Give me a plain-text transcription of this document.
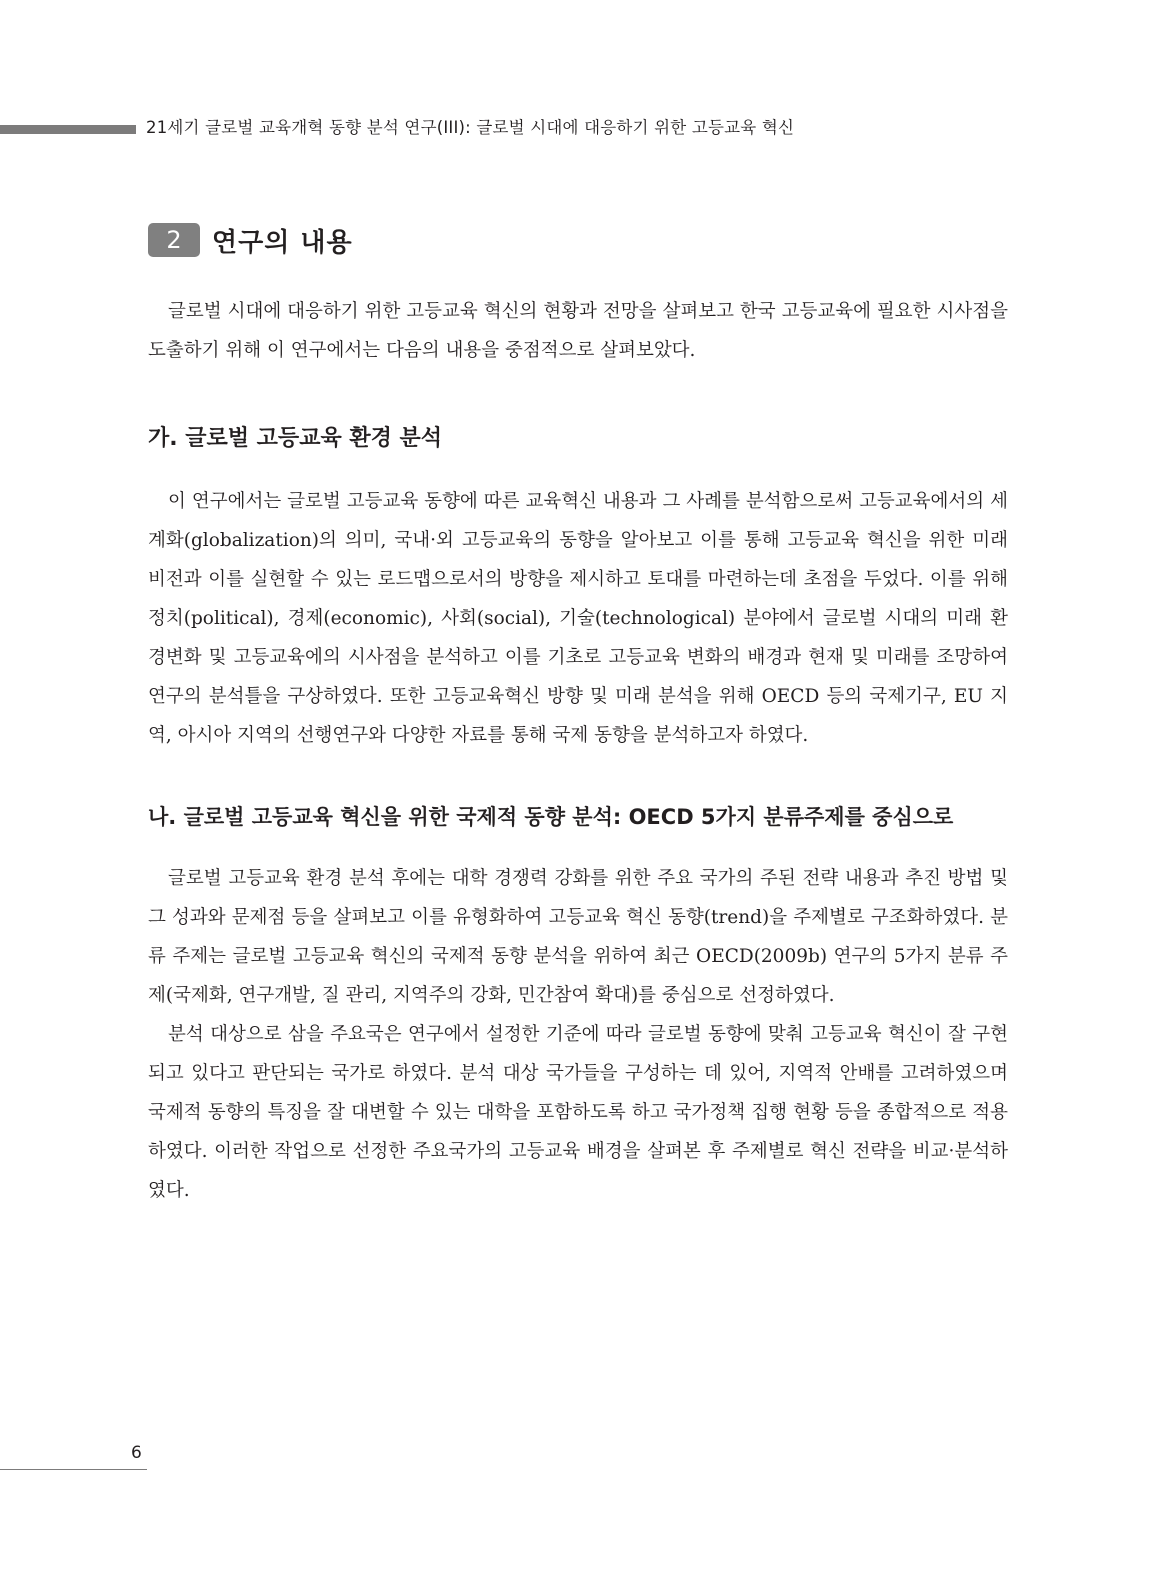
21세기 글로벌 교육개혁 동향 분석 연구(III): 글로벌 시대에 대응하기 위한 고등교육 혁신
2	연구의 내용

글로벌 시대에 대응하기 위한 고등교육 혁신의 현황과 전망을 살펴보고 한국 고등교육에 필요한 시사점을 도출하기 위해 이 연구에서는 다음의 내용을 중점적으로 살펴보았다.

가. 글로벌 고등교육 환경 분석

이 연구에서는 글로벌 고등교육 동향에 따른 교육혁신 내용과 그 사례를 분석함으로써 고등교육에서의 세계화(globalization)의 의미, 국내·외 고등교육의 동향을 알아보고 이를 통해 고등교육 혁신을 위한 미래 비전과 이를 실현할 수 있는 로드맵으로서의 방향을 제시하고 토대를 마련하는데 초점을 두었다. 이를 위해 정치(political), 경제(economic), 사회(social), 기술(technological) 분야에서 글로벌 시대의 미래 환경변화 및 고등교육에의 시사점을 분석하고 이를 기초로 고등교육 변화의 배경과 현재 및 미래를 조망하여 연구의 분석틀을 구상하였다. 또한 고등교육혁신 방향 및 미래 분석을 위해 OECD 등의 국제기구, EU 지역, 아시아 지역의 선행연구와 다양한 자료를 통해 국제 동향을 분석하고자 하였다.

나. 글로벌 고등교육 혁신을 위한 국제적 동향 분석: OECD 5가지 분류주제를 중심으로

글로벌 고등교육 환경 분석 후에는 대학 경쟁력 강화를 위한 주요 국가의 주된 전략 내용과 추진 방법 및 그 성과와 문제점 등을 살펴보고 이를 유형화하여 고등교육 혁신 동향(trend)을 주제별로 구조화하였다. 분류 주제는 글로벌 고등교육 혁신의 국제적 동향 분석을 위하여 최근 OECD(2009b) 연구의 5가지 분류 주제(국제화, 연구개발, 질 관리, 지역주의 강화, 민간참여 확대)를 중심으로 선정하였다.

분석 대상으로 삼을 주요국은 연구에서 설정한 기준에 따라 글로벌 동향에 맞춰 고등교육 혁신이 잘 구현되고 있다고 판단되는 국가로 하였다. 분석 대상 국가들을 구성하는 데 있어, 지역적 안배를 고려하였으며 국제적 동향의 특징을 잘 대변할 수 있는 대학을 포함하도록 하고 국가정책 집행 현황 등을 종합적으로 적용하였다. 이러한 작업으로 선정한 주요국가의 고등교육 배경을 살펴본 후 주제별로 혁신 전략을 비교·분석하였다.

6
